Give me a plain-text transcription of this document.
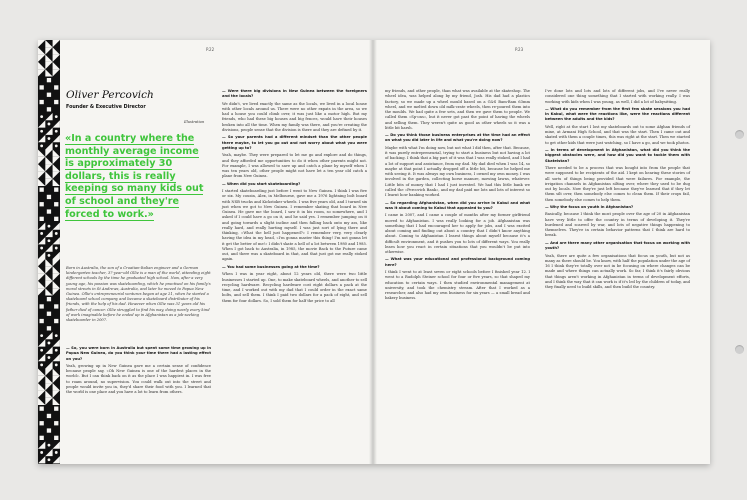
P.22
Oliver Percovich
Founder & Executive Director
Illustration
«In a country where the monthly average income is approximately 30 dollars, this is really keeping so many kids out of school and they're forced to work.»
Born in Australia, the son of a Croatian-Italian engineer and a German kindergarten teacher, 37-year-old Ollie is a man of the world, attending eight different schools by the time he graduated high school. Now, after a very young age, his passion was skateboarding, which he practised on his family's moral streets in St Andrews, Australia, and later he moved to Papua New Guinea. Ollie's entrepreneurial ventures began at age 21, when he started a skateboard school company and became a skateboard distributor of his friends, with the help of his dad. However when Ollie was 31 years old his father died of cancer. Ollie struggled to find his way, doing nearly every kind of work imaginable before he ended up in Afghanistan as a job-seeking skateboarder in 2007.

— So, you were born in Australia but spent some time growing up in Papua New Guinea, do you think your time there had a lasting effect on you?

Yeah, growing up in New Guinea gave me a certain sense of confidence because people say, «Oh New Guinea is one of the hardest places in the world». But I can think back on it as the place I was happiest in. I was free to roam around, no supervision. You could walk out into the street and people would invite you in, they'd share their food with you. I learned that the world is one place and you have a lot to learn from others.

— Were there big divisions in New Guinea between the foreigners and the locals?

We didn't, we lived exactly the same as the locals, we lived in a local house with other locals around us. There were no other expats in the area, so we had a house you could climb over, it was just like a motor high. But my friends, who had these big houses and big fences, would have their houses broken into all the time. When my family was there, and you're creating the divisions, people sense that the division is there and they are defined by it.

— So your parents had a different mindset than the other people there maybe, to let you go out and not worry about what you were getting up to?

Yeah, maybe. They were prepared to let me go and explore and do things, and they afforded me opportunities to do it when other parents might not. For example, I was allowed to save up and catch a plane by myself when I was ten years old, other people might not have let a ten year old catch a plane from New Guinea.

— When did you start skateboarding?

I started skateboarding just before I went to New Guinea. I think I was five or six. My cousin, Alex, in Melbourne, gave me a 1976 lightning bolt board with NSB trucks and Kickstoker wheels. I was five years old, and I turned six just when we got to New Guinea. I remember skating that board in New Guinea. He gave me the board, I saw it in his room, so somewhere, and I asked if I could have a go on it, and he said yes. I remember jumping on it and going towards a slight incline and then falling back onto my ass, like really hard, and really hurting myself. I was just sort of lying there and thinking, «What the hell just happened?» I remember very, very clearly having the idea in my head, «I'm gonna master this thing! I'm not gonna let it get the better of me!» I didn't skate a hell of a lot between 1980 and 1985. When I got back to Australia, in 1985, the movie Back to the Future came out, and there was a skateboard in that, and that just got me really stoked again.

— You had some businesses going at the time?

When I was in year eight, about 12 years old, there were two little businesses I started up. One, to make skateboard wheels, and another to sell recycling hardware. Recycling hardware cost eight dollars a pack at the time, and I worked out with my dad that I could order in the exact same bolts, and sell them. I think I paid two dollars for a pack of eight, and sell them for four dollars. So, I sold them for half the price to all

P.23

my friends, and other people, than what was available at the skateshop. The wheel idea, was helped along by my friend, Josh. His dad had a plastics factory, so we made up a wheel mould based on a G&S Bam-Bam 63mm wheel, and we melted down old milk-crate wheels, then re-poured them into the moulds. We had quite a few sets, and then we gave them to people. We called them «Sp-ons», but it never got past the point of having the wheels and selling them. They weren't quite as good as other wheels so it was a little bit harsh.

— Do you think those business enterprises at the time had an effect on what you did later in life and what you're doing now?

Maybe with what I'm doing now, but not what I did then, after that. Because, it was purely entrepreneurial, trying to start a business but not having a lot of backing. I think that a big part of it was that I was really stoked, and I had a lot of support and assistance, from my dad. My dad died when I was 14, so maybe at that point I actually dropped off a little bit, because he helped me with seeing it. It was always my own business, I owned my own money. I was involved in the garden, collecting horse manure, mowing lawns, whatever. Little bits of money that I had I just invested. We had this little bank we called the «Percovich Bank», and my dad paid me lots and lots of interest so I learnt how banking worked.

— So regarding Afghanistan, when did you arrive in Kabul and what was it about coming to Kabul that appealed to you?

I came in 2007, and I came a couple of months after my former girlfriend moved to Afghanistan. I was really looking for a job. Afghanistan was something that I had encouraged her to apply for jobs, and I was excited about coming and finding out about a country that I didn't know anything about. Coming to Afghanistan I learnt things about myself because it's a difficult environment, and it pushes you to lots of different ways. You really learn how you react in certain situations that you wouldn't be put into otherwise.

— What was your educational and professional background coming here?

I think I went to at least seven or eight schools before I finished year 12. I went to a Rudolph Steiner school for four or five years, so that shaped my education to certain ways. I then studied environmental management at university, and took the chemistry stream. After that I worked as a researcher, and also had my own business for six years — a small bread and bakery business.

I've done lots and lots and lots of different jobs, and I've never really considered one thing something that I started with working really. I was working with kids when I was young, as well, I did a lot of babysitting.

— What do you remember from the first few skate sessions you had in Kabul, what were the reactions like, were the reactions different between the adults and the kids?

Well, right at the start I lost my skateboards out to some Afghan friends of mine, at Armani High School, and that was the start. Then I came out and skated with them a couple times, this was right at the start. Then we started to get other kids that were just watching, so I have a go, and we took photos.

— In terms of development in Afghanistan, what did you think the biggest obstacles were, and how did you want to tackle them with Skateistan?

There needed to be a process that was bought into from the people that were supposed to be recipients of the aid. I kept on hearing these stories of all sorts of things being provided that were failures. For example, the irrigation channels in Afghanistan silting over, where they used to be dug out by locals. Now they're just left because they've learned that if they let them silt over, then somebody else comes to clean them. If their crops fail, then somebody else comes to help them.

— Why the focus on youth in Afghanistan?

Basically, because I think the most people over the age of 20 in Afghanistan have very little to offer the country in terms of developing it. They're burdened and scarred by war, and lots of negative things happening to themselves. They're in certain behavior patterns that I think are hard to break.

— And are there many other organisation that focus on working with youth?

Yeah, there are quite a few organisations that focus on youth, but not as many as there should be. You know, with half the population under the age of 16 I think they're totally over not in be focusing on where changes can be made and where things can actually work. So far, I think it's fairly obvious that things aren't working in Afghanistan in terms of development efforts, and I think the way that it can work is if it's led by the children of today, and they finally need to build skills, and then build the country.
